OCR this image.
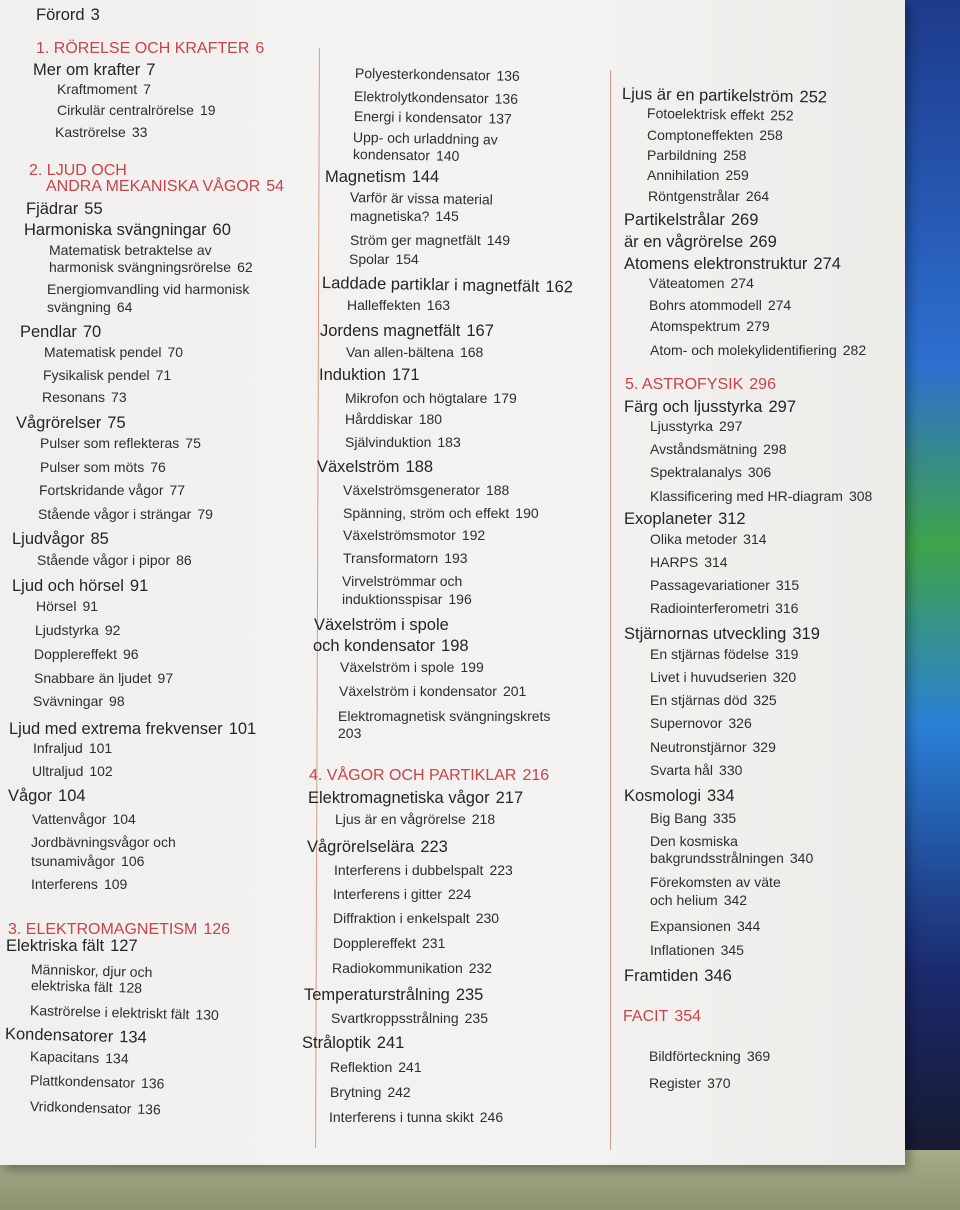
Förord 3
1. RÖRELSE OCH KRAFTER 6
Mer om krafter 7
Kraftmoment 7
Cirkulär centralrörelse 19
Kaströrelse 33
2. LJUD OCH
ANDRA MEKANISKA VÅGOR 54
Fjädrar 55
Harmoniska svängningar 60
Matematisk betraktelse av
harmonisk svängningsrörelse 62
Energiomvandling vid harmonisk
svängning 64
Pendlar 70
Matematisk pendel 70
Fysikalisk pendel 71
Resonans 73
Vågrörelser 75
Pulser som reflekteras 75
Pulser som möts 76
Fortskridande vågor 77
Stående vågor i strängar 79
Ljudvågor 85
Stående vågor i pipor 86
Ljud och hörsel 91
Hörsel 91
Ljudstyrka 92
Dopplereffekt 96
Snabbare än ljudet 97
Svävningar 98
Ljud med extrema frekvenser 101
Infraljud 101
Ultraljud 102
Vågor 104
Vattenvågor 104
Jordbävningsvågor och
tsunamivågor 106
Interferens 109
3. ELEKTROMAGNETISM 126
Elektriska fält 127
Människor, djur och
elektriska fält 128
Kaströrelse i elektriskt fält 130
Kondensatorer 134
Kapacitans 134
Plattkondensator 136
Vridkondensator 136
Polyesterkondensator 136
Elektrolytkondensator 136
Energi i kondensator 137
Upp- och urladdning av
kondensator 140
Magnetism 144
Varför är vissa material
magnetiska? 145
Ström ger magnetfält 149
Spolar 154
Laddade partiklar i magnetfält 162
Halleffekten 163
Jordens magnetfält 167
Van allen-bältena 168
Induktion 171
Mikrofon och högtalare 179
Hårddiskar 180
Självinduktion 183
Växelström 188
Växelströmsgenerator 188
Spänning, ström och effekt 190
Växelströmsmotor 192
Transformatorn 193
Virvelströmmar och
induktionsspisar 196
Växelström i spole
och kondensator 198
Växelström i spole 199
Växelström i kondensator 201
Elektromagnetisk svängningskrets
203
4. VÅGOR OCH PARTIKLAR 216
Elektromagnetiska vågor 217
Ljus är en vågrörelse 218
Vågrörelselära 223
Interferens i dubbelspalt 223
Interferens i gitter 224
Diffraktion i enkelspalt 230
Dopplereffekt 231
Radiokommunikation 232
Temperaturstrålning 235
Svartkroppsstrålning 235
Stråloptik 241
Reflektion 241
Brytning 242
Interferens i tunna skikt 246
Ljus är en partikelström 252
Fotoelektrisk effekt 252
Comptoneffekten 258
Parbildning 258
Annihilation 259
Röntgenstrålar 264
Partikelstrålar 269
är en vågrörelse 269
Atomens elektronstruktur 274
Väteatomen 274
Bohrs atommodell 274
Atomspektrum 279
Atom- och molekylidentifiering 282
5. ASTROFYSIK 296
Färg och ljusstyrka 297
Ljusstyrka 297
Avståndsmätning 298
Spektralanalys 306
Klassificering med HR-diagram 308
Exoplaneter 312
Olika metoder 314
HARPS 314
Passagevariationer 315
Radiointerferometri 316
Stjärnornas utveckling 319
En stjärnas födelse 319
Livet i huvudserien 320
En stjärnas död 325
Supernovor 326
Neutronstjärnor 329
Svarta hål 330
Kosmologi 334
Big Bang 335
Den kosmiska
bakgrundsstrålningen 340
Förekomsten av väte
och helium 342
Expansionen 344
Inflationen 345
Framtiden 346
FACIT 354
Bildförteckning 369
Register 370
